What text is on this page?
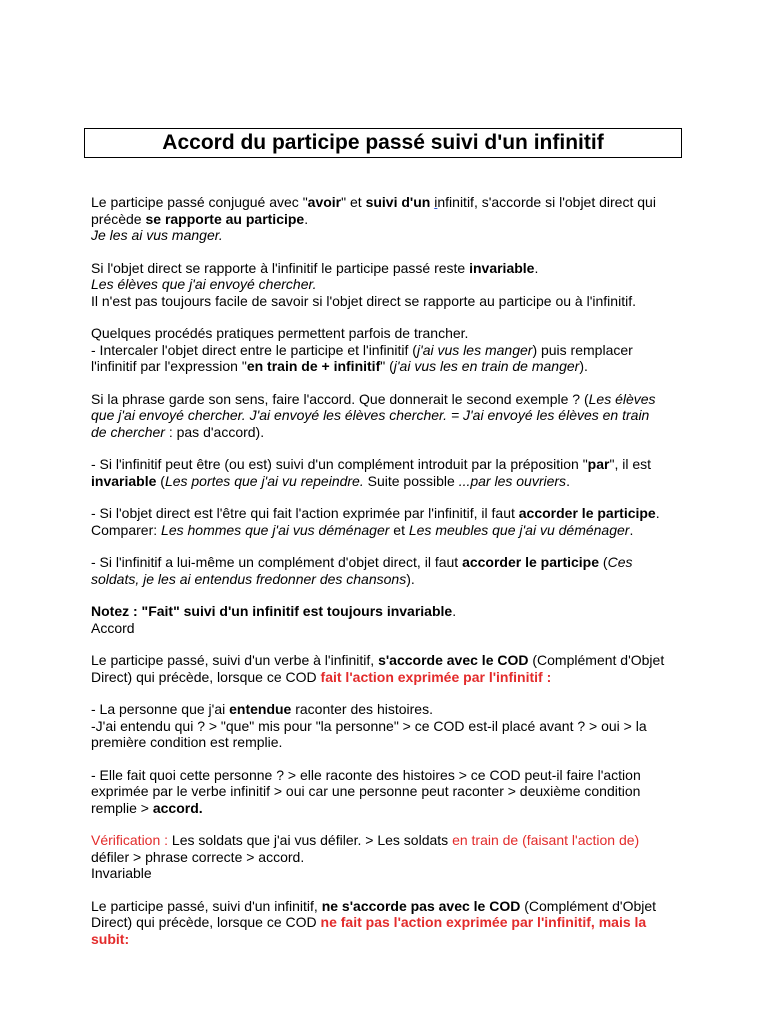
Accord du participe passé suivi d'un infinitif

Le participe passé conjugué avec "avoir" et suivi d'un infinitif, s'accorde si l'objet direct qui
précède se rapporte au participe.
Je les ai vus manger.

Si l'objet direct se rapporte à l'infinitif le participe passé reste invariable.
Les élèves que j'ai envoyé chercher.
Il n'est pas toujours facile de savoir si l'objet direct se rapporte au participe ou à l'infinitif.

Quelques procédés pratiques permettent parfois de trancher.
- Intercaler l'objet direct entre le participe et l'infinitif (j'ai vus les manger) puis remplacer
l'infinitif par l'expression "en train de + infinitif" (j'ai vus les en train de manger).

Si la phrase garde son sens, faire l'accord. Que donnerait le second exemple ? (Les élèves
que j'ai envoyé chercher. J'ai envoyé les élèves chercher. = J'ai envoyé les élèves en train
de chercher : pas d'accord).

- Si l'infinitif peut être (ou est) suivi d'un complément introduit par la préposition "par", il est
invariable (Les portes que j'ai vu repeindre. Suite possible ...par les ouvriers.

- Si l'objet direct est l'être qui fait l'action exprimée par l'infinitif, il faut accorder le participe.
Comparer: Les hommes que j'ai vus déménager et Les meubles que j'ai vu déménager.

- Si l'infinitif a lui-même un complément d'objet direct, il faut accorder le participe (Ces
soldats, je les ai entendus fredonner des chansons).

Notez : "Fait" suivi d'un infinitif est toujours invariable.
Accord

Le participe passé, suivi d'un verbe à l'infinitif, s'accorde avec le COD (Complément d'Objet
Direct) qui précède, lorsque ce COD fait l'action exprimée par l'infinitif :

- La personne que j'ai entendue raconter des histoires.
-J'ai entendu qui ? > "que" mis pour "la personne" > ce COD est-il placé avant ? > oui > la
première condition est remplie.

- Elle fait quoi cette personne ? > elle raconte des histoires > ce COD peut-il faire l'action
exprimée par le verbe infinitif > oui car une personne peut raconter > deuxième condition
remplie > accord.

Vérification : Les soldats que j'ai vus défiler. > Les soldats en train de (faisant l'action de)
défiler > phrase correcte > accord.
Invariable

Le participe passé, suivi d'un infinitif, ne s'accorde pas avec le COD (Complément d'Objet
Direct) qui précède, lorsque ce COD ne fait pas l'action exprimée par l'infinitif, mais la
subit:
